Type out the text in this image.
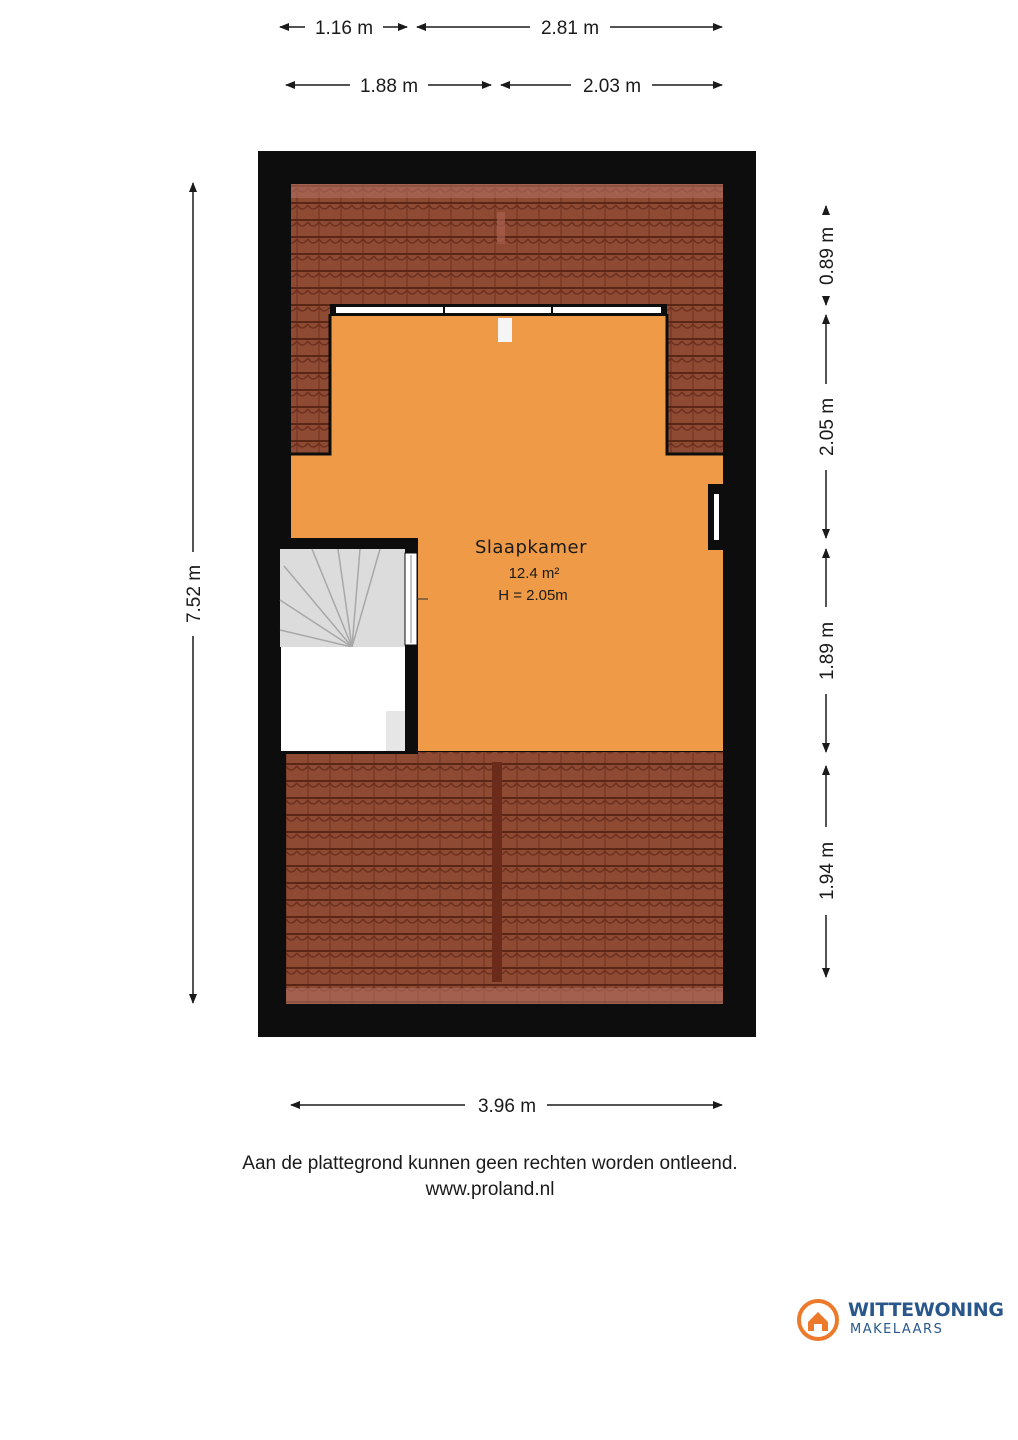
Slaapkamer
12.4 m²
H = 2.05m
1.16 m	2.81 m
1.88 m	2.03 m
7.52 m
0.89 m
2.05 m
1.89 m
1.94 m
3.96 m
Aan de plattegrond kunnen geen rechten worden ontleend.
www.proland.nl
WITTEWONING
MAKELAARS
